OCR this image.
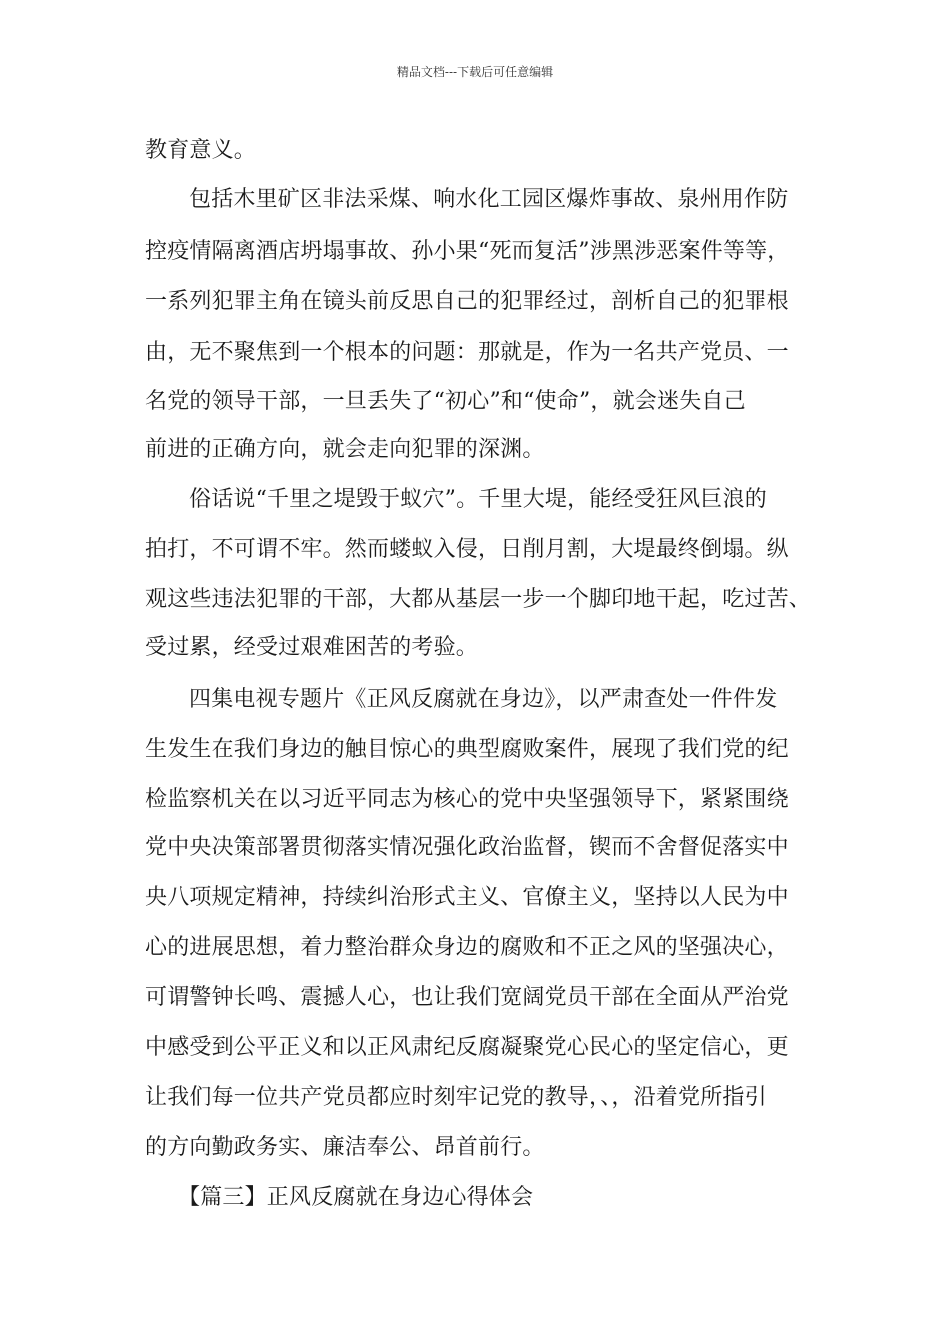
精品文档---下载后可任意编辑
教育意义。
包括木里矿区非法采煤、响水化工园区爆炸事故、泉州用作防
控疫情隔离酒店坍塌事故、孙小果“死而复活”涉黑涉恶案件等等，
一系列犯罪主角在镜头前反思自己的犯罪经过，剖析自己的犯罪根
由，无不聚焦到一个根本的问题：那就是，作为一名共产党员、一
名党的领导干部，一旦丢失了“初心”和“使命”，就会迷失自己
前进的正确方向，就会走向犯罪的深渊。
俗话说“千里之堤毁于蚁穴”。千里大堤，能经受狂风巨浪的
拍打，不可谓不牢。然而蝼蚁入侵，日削月割，大堤最终倒塌。纵
观这些违法犯罪的干部，大都从基层一步一个脚印地干起，吃过苦、
受过累，经受过艰难困苦的考验。
四集电视专题片《正风反腐就在身边》，以严肃查处一件件发
生发生在我们身边的触目惊心的典型腐败案件，展现了我们党的纪
检监察机关在以习近平同志为核心的党中央坚强领导下，紧紧围绕
党中央决策部署贯彻落实情况强化政治监督，锲而不舍督促落实中
央八项规定精神，持续纠治形式主义、官僚主义，坚持以人民为中
心的进展思想，着力整治群众身边的腐败和不正之风的坚强决心，
可谓警钟长鸣、震撼人心，也让我们宽阔党员干部在全面从严治党
中感受到公平正义和以正风肃纪反腐凝聚党心民心的坚定信心，更
让我们每一位共产党员都应时刻牢记党的教导，、，沿着党所指引
的方向勤政务实、廉洁奉公、昂首前行。
【篇三】正风反腐就在身边心得体会
